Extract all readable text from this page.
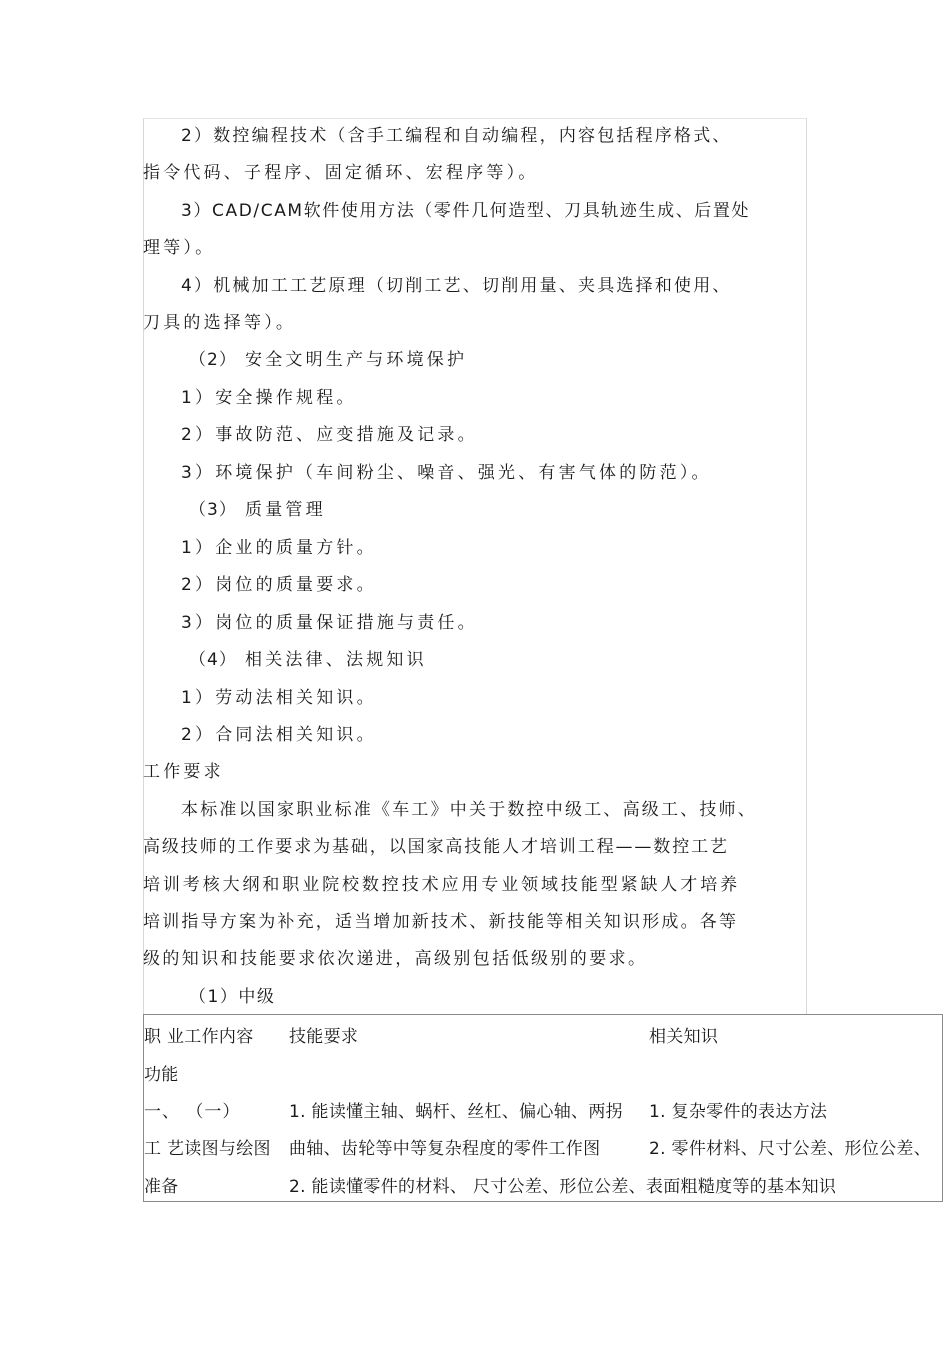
2）数控编程技术（含手工编程和自动编程，内容包括程序格式、
指令代码、子程序、固定循环、宏程序等）。
3）CAD/CAM软件使用方法（零件几何造型、刀具轨迹生成、后置处
理等）。
4）机械加工工艺原理（切削工艺、切削用量、夹具选择和使用、
刀具的选择等）。
（2） 安全文明生产与环境保护
1）安全操作规程。
2）事故防范、应变措施及记录。
3）环境保护（车间粉尘、噪音、强光、有害气体的防范）。
（3） 质量管理
1）企业的质量方针。
2）岗位的质量要求。
3）岗位的质量保证措施与责任。
（4） 相关法律、法规知识
1）劳动法相关知识。
2）合同法相关知识。
工作要求
本标准以国家职业标准《车工》中关于数控中级工、高级工、技师、
高级技师的工作要求为基础，以国家高技能人才培训工程——数控工艺
培训考核大纲和职业院校数控技术应用专业领域技能型紧缺人才培养
培训指导方案为补充，适当增加新技术、新技能等相关知识形成。各等
级的知识和技能要求依次递进，高级别包括低级别的要求。
（1）中级
职 业工作内容
功能
技能要求	相关知识
一、 （一）
工 艺读图与绘图
准备
1. 能读懂主轴、蜗杆、丝杠、偏心轴、两拐
曲轴、齿轮等中等复杂程度的零件工作图
2. 能读懂零件的材料、 尺寸公差、形位公差、表面粗糙度等的基本知识
1. 复杂零件的表达方法
2. 零件材料、尺寸公差、形位公差、
